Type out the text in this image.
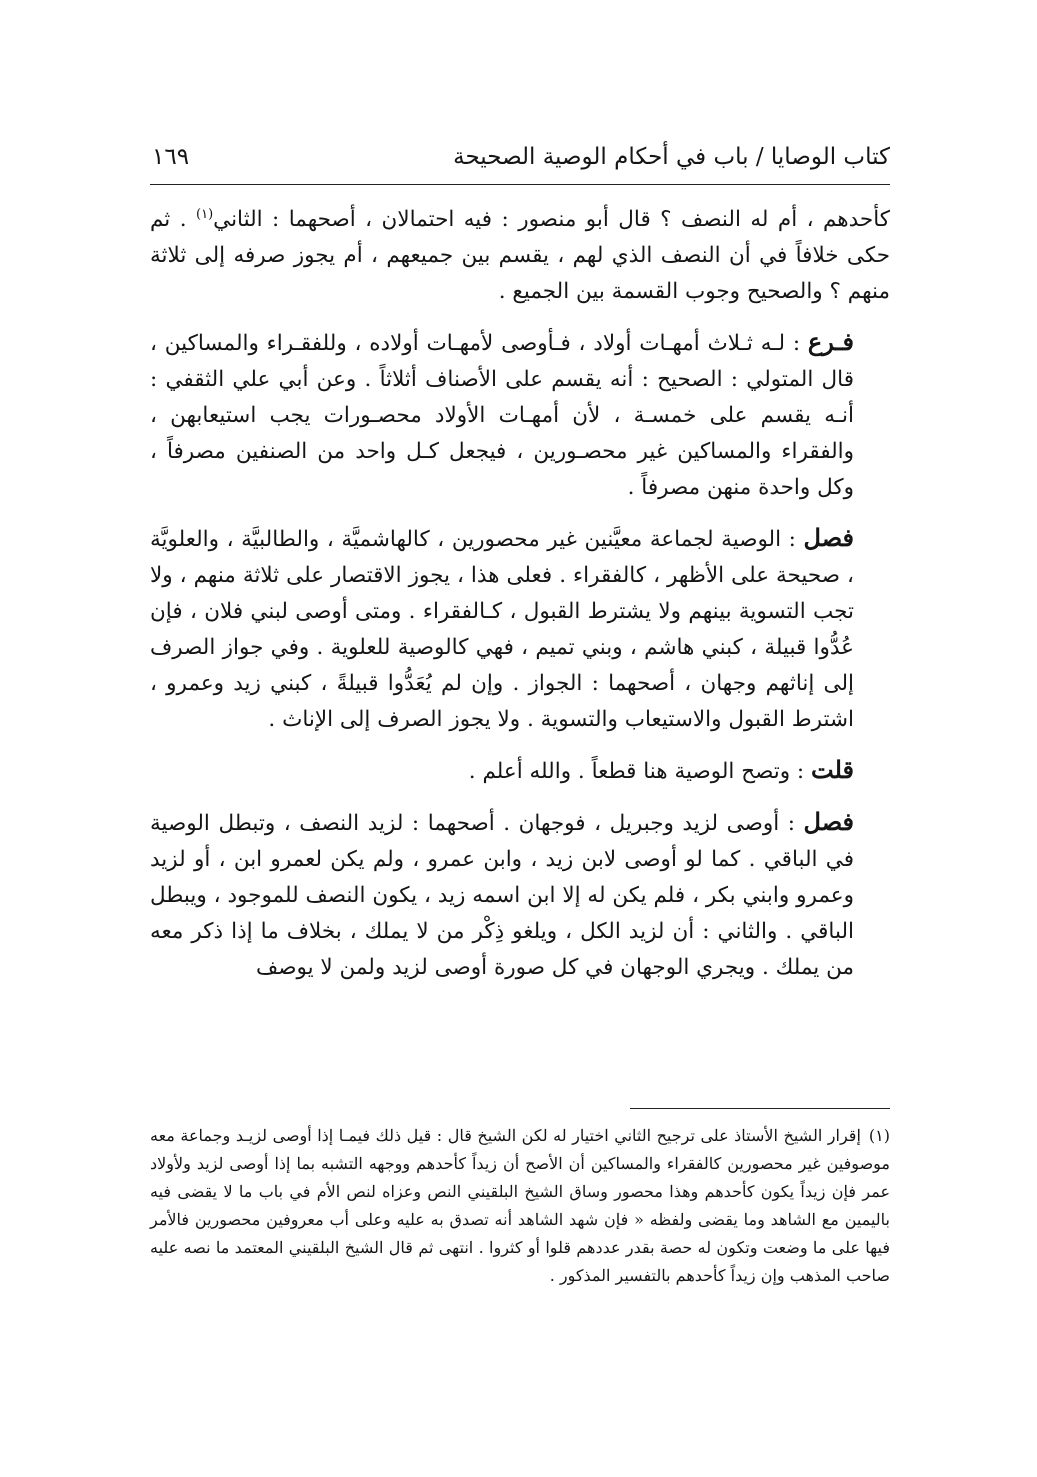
كتاب الوصايا / باب في أحكام الوصية الصحيحة
١٦٩

كأحدهم ، أم له النصف ؟ قال أبو منصور : فيه احتمالان ، أصحهما : الثاني$^{(١)}$ . ثم حكى خلافاً في أن النصف الذي لهم ، يقسم بين جميعهم ، أم يجوز صرفه إلى ثلاثة منهم ؟ والصحيح وجوب القسمة بين الجميع .

فـرع : لـه ثـلاث أمهـات أولاد ، فـأوصى لأمهـات أولاده ، وللفقـراء والمساكين ، قال المتولي : الصحيح : أنه يقسم على الأصناف أثلاثاً . وعن أبي علي الثقفي : أنـه يقسم على خمسـة ، لأن أمهـات الأولاد محصـورات يجب استيعابهن ، والفقراء والمساكين غير محصـورين ، فيجعل كـل واحد من الصنفين مصرفاً ، وكل واحدة منهن مصرفاً .

فصل : الوصية لجماعة معيَّنين غير محصورين ، كالهاشميَّة ، والطالبيَّة ، والعلويَّة ، صحيحة على الأظهر ، كالفقراء . فعلى هذا ، يجوز الاقتصار على ثلاثة منهم ، ولا تجب التسوية بينهم ولا يشترط القبول ، كـالفقراء . ومتى أوصى لبني فلان ، فإن عُدُّوا قبيلة ، كبني هاشم ، وبني تميم ، فهي كالوصية للعلوية . وفي جواز الصرف إلى إناثهم وجهان ، أصحهما : الجواز . وإن لم يُعَدُّوا قبيلةً ، كبني زيد وعمرو ، اشترط القبول والاستيعاب والتسوية . ولا يجوز الصرف إلى الإناث .

قلت : وتصح الوصية هنا قطعاً . والله أعلم .

فصل : أوصى لزيد وجبريل ، فوجهان . أصحهما : لزيد النصف ، وتبطل الوصية في الباقي . كما لو أوصى لابن زيد ، وابن عمرو ، ولم يكن لعمرو ابن ، أو لزيد وعمرو وابني بكر ، فلم يكن له إلا ابن اسمه زيد ، يكون النصف للموجود ، ويبطل الباقي . والثاني : أن لزيد الكل ، ويلغو ذِكْر من لا يملك ، بخلاف ما إذا ذكر معه من يملك . ويجري الوجهان في كل صورة أوصى لزيد ولمن لا يوصف

(١)إقرار الشيخ الأستاذ على ترجيح الثاني اختيار له لكن الشيخ قال : قيل ذلك فيمـا إذا أوصى لزيـد وجماعة معه موصوفين غير محصورين كالفقراء والمساكين أن الأصح أن زيداً كأحدهم ووجهه التشبه بما إذا أوصى لزيد ولأولاد عمر فإن زيداً يكون كأحدهم وهذا محصور وساق الشيخ البلقيني النص وعزاه لنص الأم في باب ما لا يقضى فيه باليمين مع الشاهد وما يقضى ولفظه « فإن شهد الشاهد أنه تصدق به عليه وعلى أب معروفين محصورين فالأمر فيها على ما وضعت وتكون له حصة بقدر عددهم قلوا أو كثروا . انتهى ثم قال الشيخ البلقيني المعتمد ما نصه عليه صاحب المذهب وإن زيداً كأحدهم بالتفسير المذكور .
